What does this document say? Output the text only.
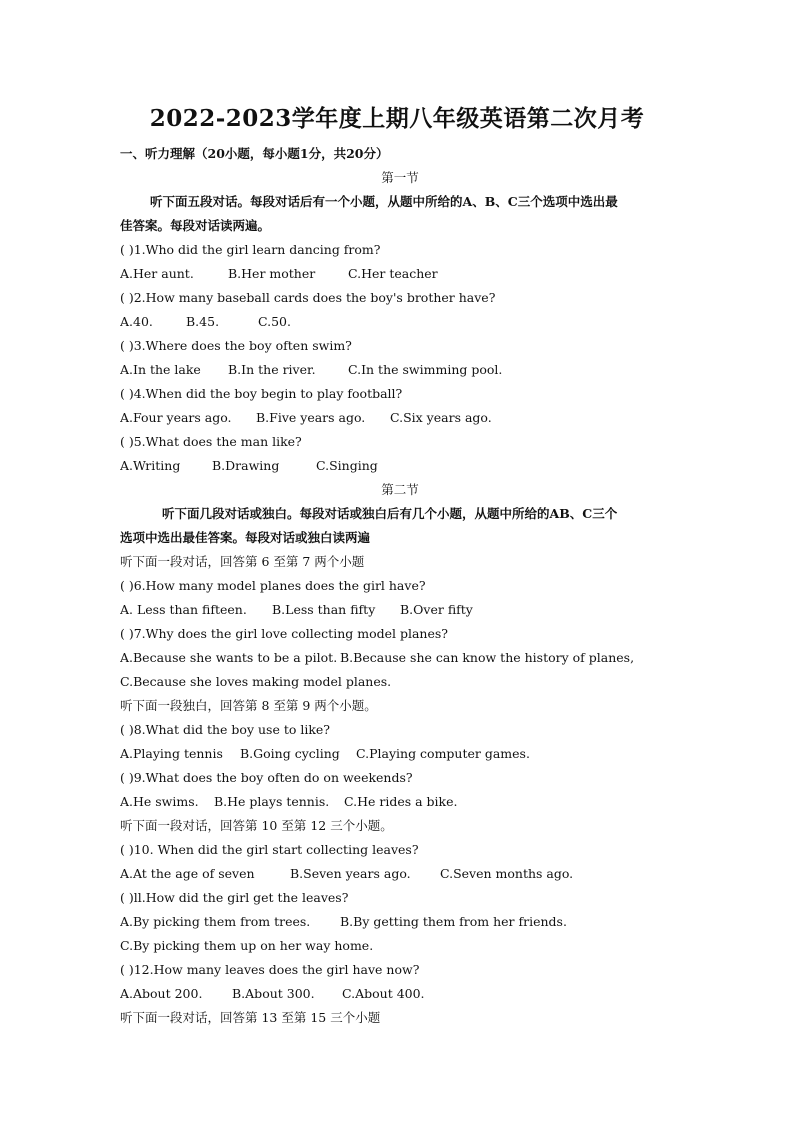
2022-2023学年度上期八年级英语第二次月考
一、听力理解（20小题，每小题1分，共20分）
第一节
听下面五段对话。每段对话后有一个小题，从题中所给的A、B、C三个选项中选出最
佳答案。每段对话读两遍。
( )1.Who did the girl learn dancing from?
A.Her aunt.	B.Her mother	C.Her teacher
( )2.How many baseball cards does the boy's brother have?
A.40.	B.45.	C.50.
( )3.Where does the boy often swim?
A.In the lake B.In the river.	C.In the swimming pool.
( )4.When did the boy begin to play football?
A.Four years ago. B.Five years ago. C.Six years ago.
( )5.What does the man like?
A.Writing	B.Drawing	C.Singing
第二节
听下面几段对话或独白。每段对话或独白后有几个小题，从题中所给的AB、C三个
选项中选出最佳答案。每段对话或独白读两遍
听下面一段对话，回答第 6 至第 7 两个小题
( )6.How many model planes does the girl have?
A. Less than fifteen. B.Less than fifty B.Over fifty
( )7.Why does the girl love collecting model planes?
A.Because she wants to be a pilot. B.Because she can know the history of planes,
C.Because she loves making model planes.
听下面一段独白，回答第 8 至第 9 两个小题。
( )8.What did the boy use to like?
A.Playing tennis B.Going cycling C.Playing computer games.
( )9.What does the boy often do on weekends?
A.He swims. B.He plays tennis. C.He rides a bike.
听下面一段对话，回答第 10 至第 12 三个小题。
( )10. When did the girl start collecting leaves?
A.At the age of seven	B.Seven years ago. C.Seven months ago.
( )ll.How did the girl get the leaves?
A.By picking them from trees. B.By getting them from her friends.
C.By picking them up on her way home.
( )12.How many leaves does the girl have now?
A.About 200. B.About 300. C.About 400.
听下面一段对话，回答第 13 至第 15 三个小题
